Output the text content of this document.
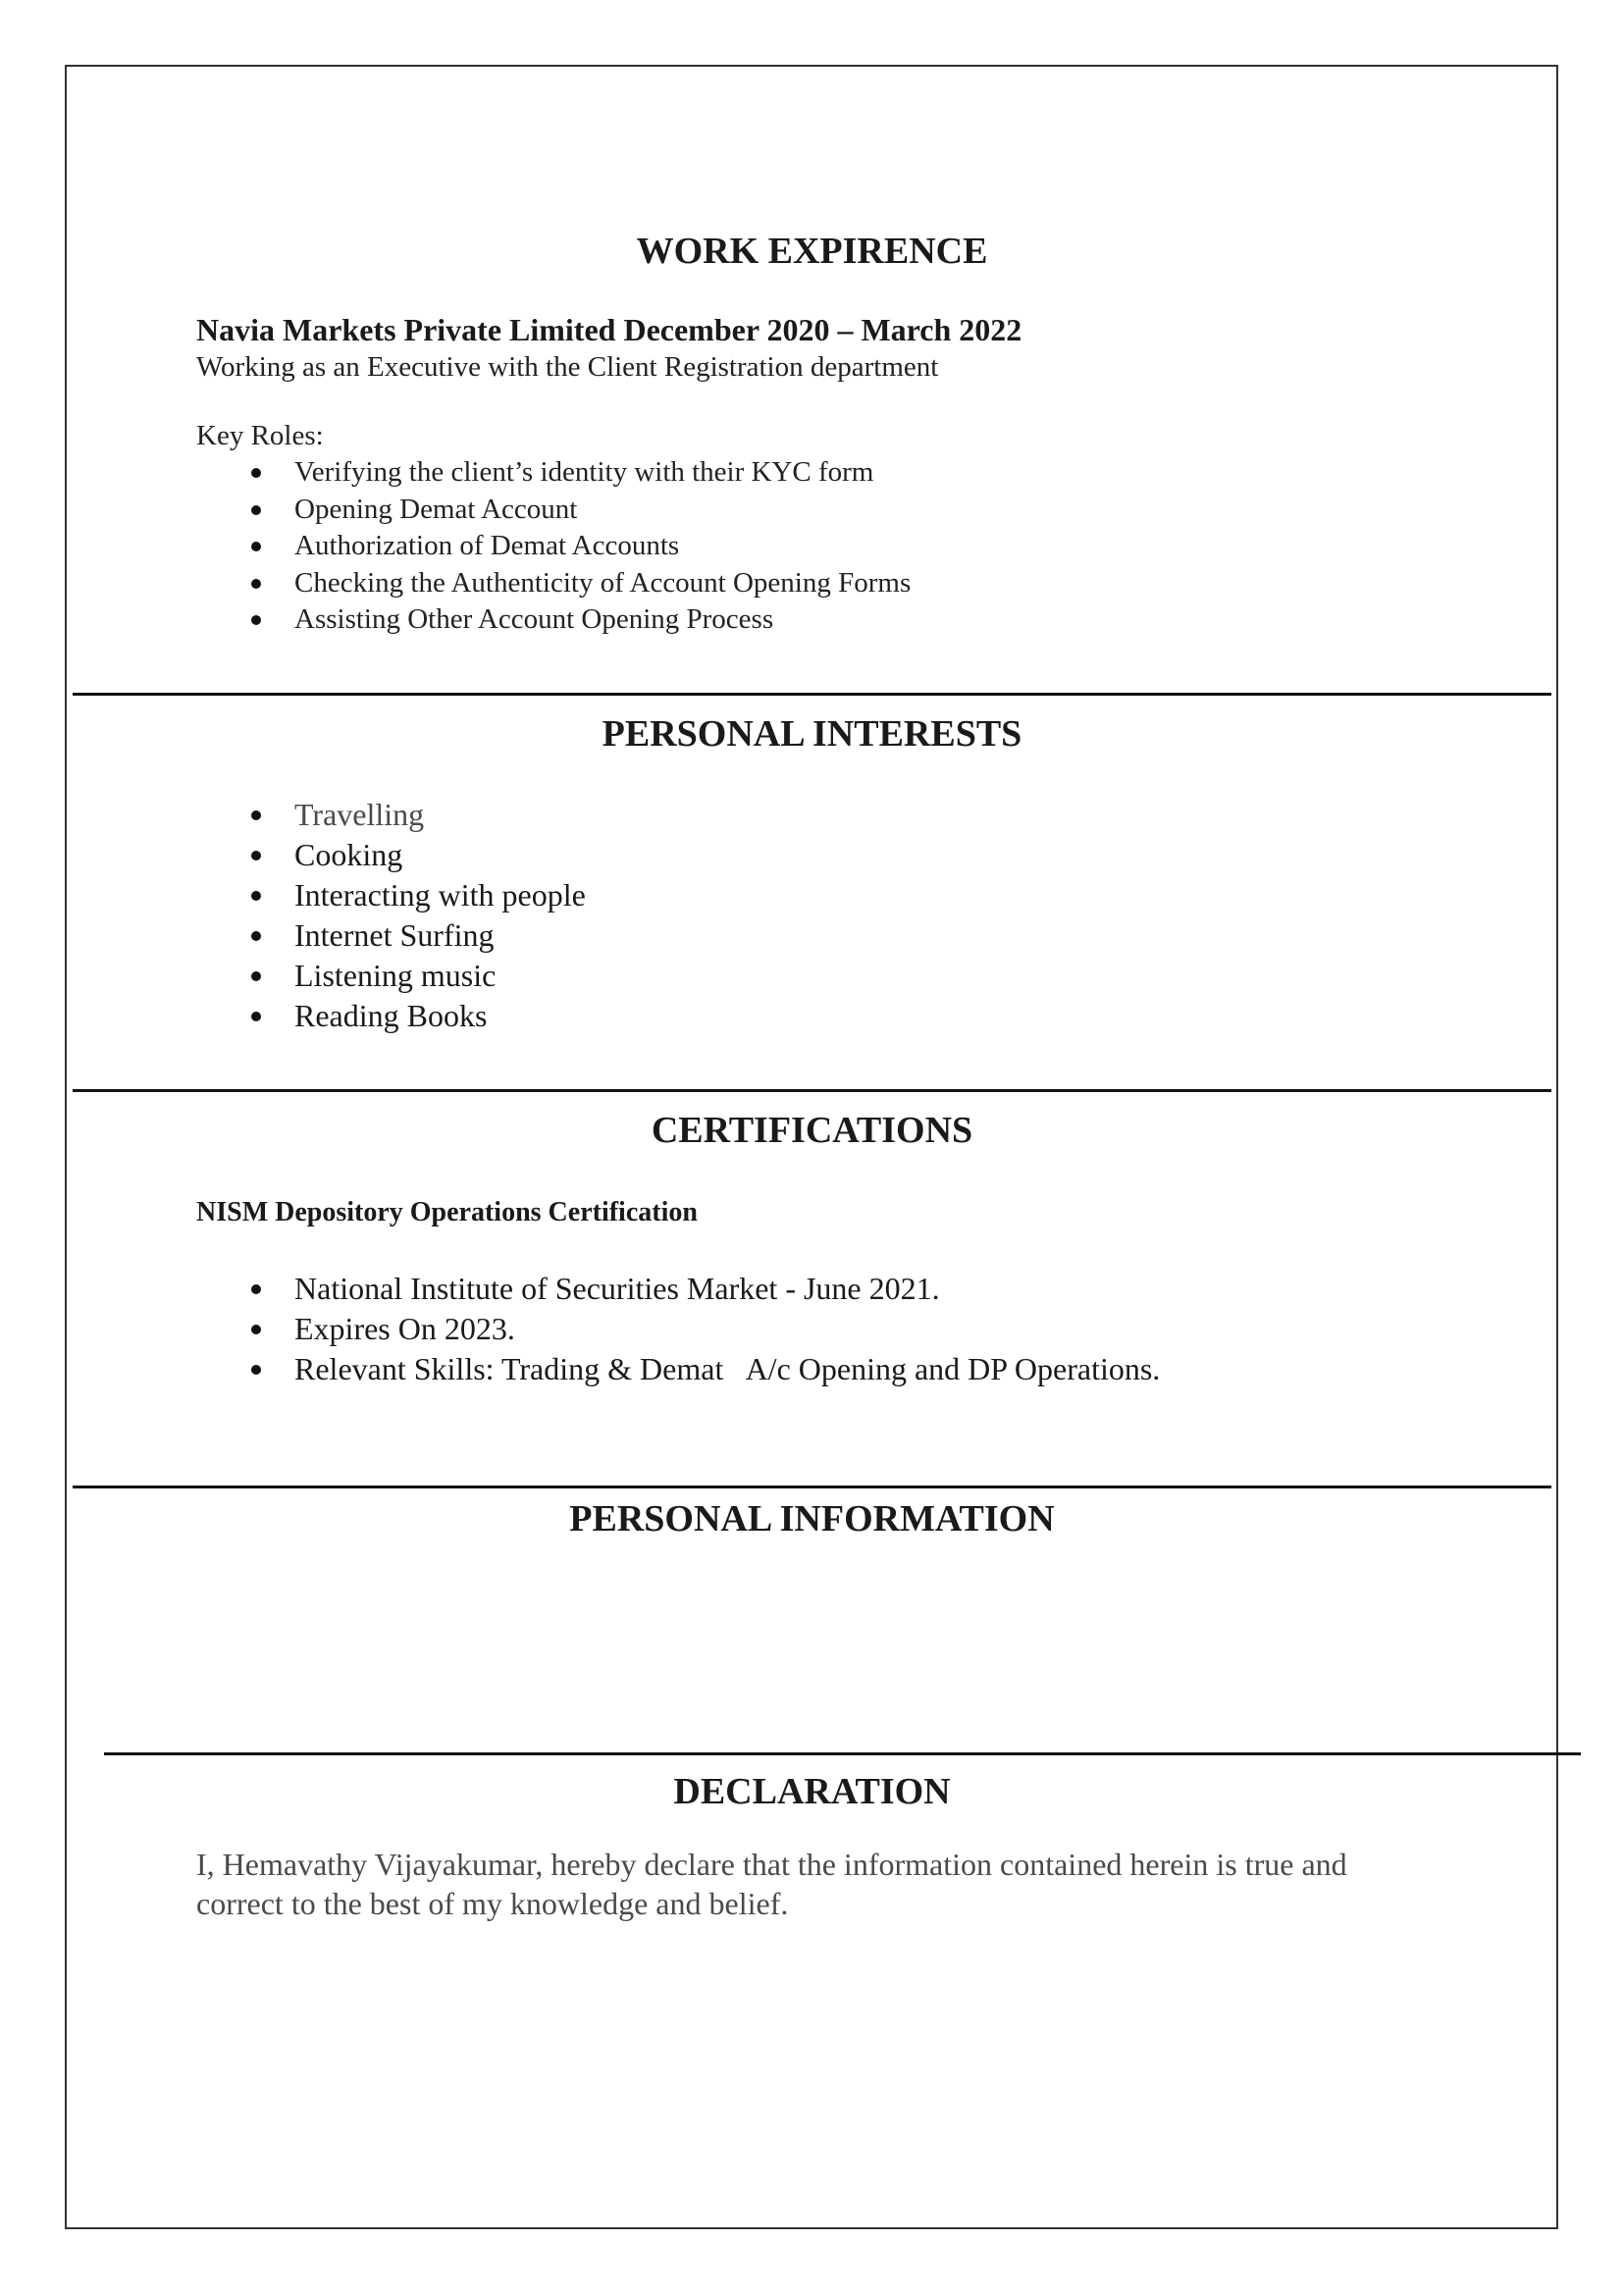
WORK EXPIRENCE

Navia Markets Private Limited December 2020 – March 2022

Working as an Executive with the Client Registration department

Key Roles:

Verifying the client’s identity with their KYC form
Opening Demat Account
Authorization of Demat Accounts
Checking the Authenticity of Account Opening Forms
Assisting Other Account Opening Process
PERSONAL INTERESTS
Travelling
Cooking
Interacting with people
Internet Surfing
Listening music
Reading Books
CERTIFICATIONS

NISM Depository Operations Certification

National Institute of Securities Market - June 2021.
Expires On 2023.
Relevant Skills: Trading & Demat   A/c Opening and DP Operations.
PERSONAL INFORMATION
DECLARATION

I, Hemavathy Vijayakumar, hereby declare that the information contained herein is true and
correct to the best of my knowledge and belief.
